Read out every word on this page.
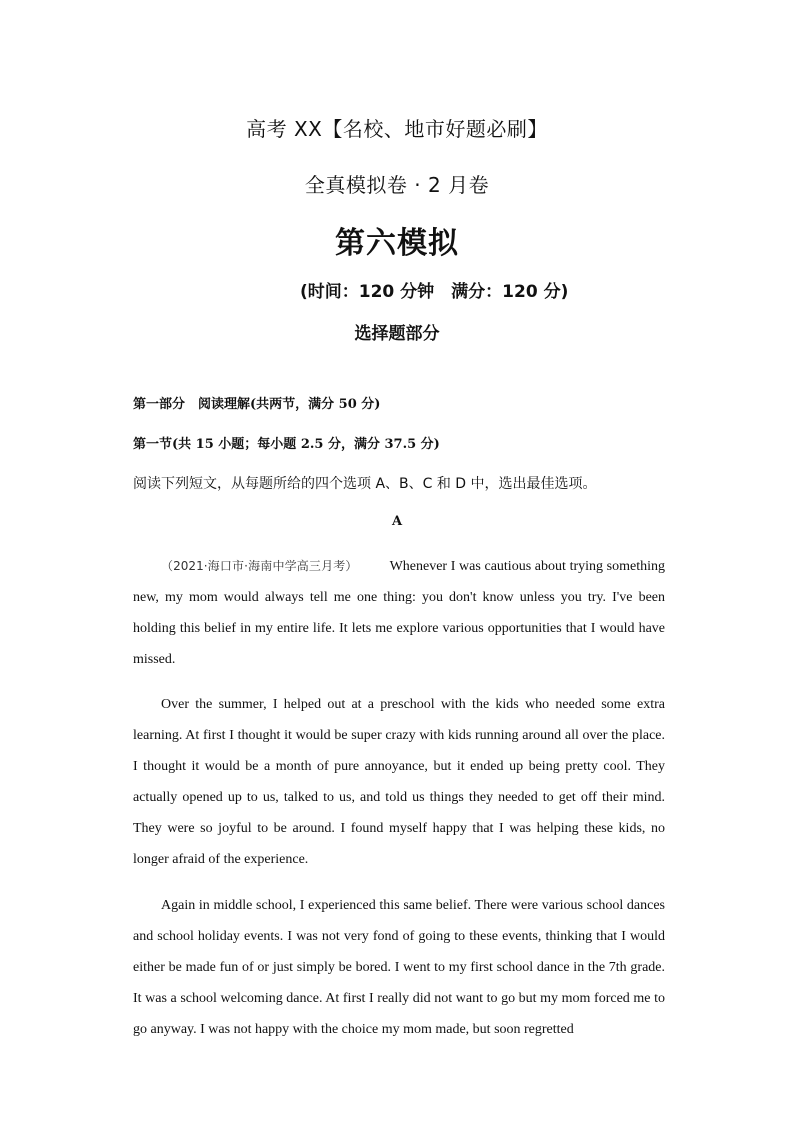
高考 XX【名校、地市好题必刷】
全真模拟卷 · 2 月卷
第六模拟
(时间：120 分钟　满分：120 分)
选择题部分
第一部分　阅读理解(共两节，满分 50 分)
第一节(共 15 小题；每小题 2.5 分，满分 37.5 分)
阅读下列短文，从每题所给的四个选项 A、B、C 和 D 中，选出最佳选项。
A

（2021·海口市·海南中学高三月考） Whenever I was cautious about trying something new, my mom would always tell me one thing: you don't know unless you try. I've been holding this belief in my entire life. It lets me explore various opportunities that I would have missed.

Over the summer, I helped out at a preschool with the kids who needed some extra learning. At first I thought it would be super crazy with kids running around all over the place. I thought it would be a month of pure annoyance, but it ended up being pretty cool. They actually opened up to us, talked to us, and told us things they needed to get off their mind. They were so joyful to be around. I found myself happy that I was helping these kids, no longer afraid of the experience.

Again in middle school, I experienced this same belief. There were various school dances and school holiday events. I was not very fond of going to these events, thinking that I would either be made fun of or just simply be bored. I went to my first school dance in the 7th grade. It was a school welcoming dance. At first I really did not want to go but my mom forced me to go anyway. I was not happy with the choice my mom made, but soon regretted
